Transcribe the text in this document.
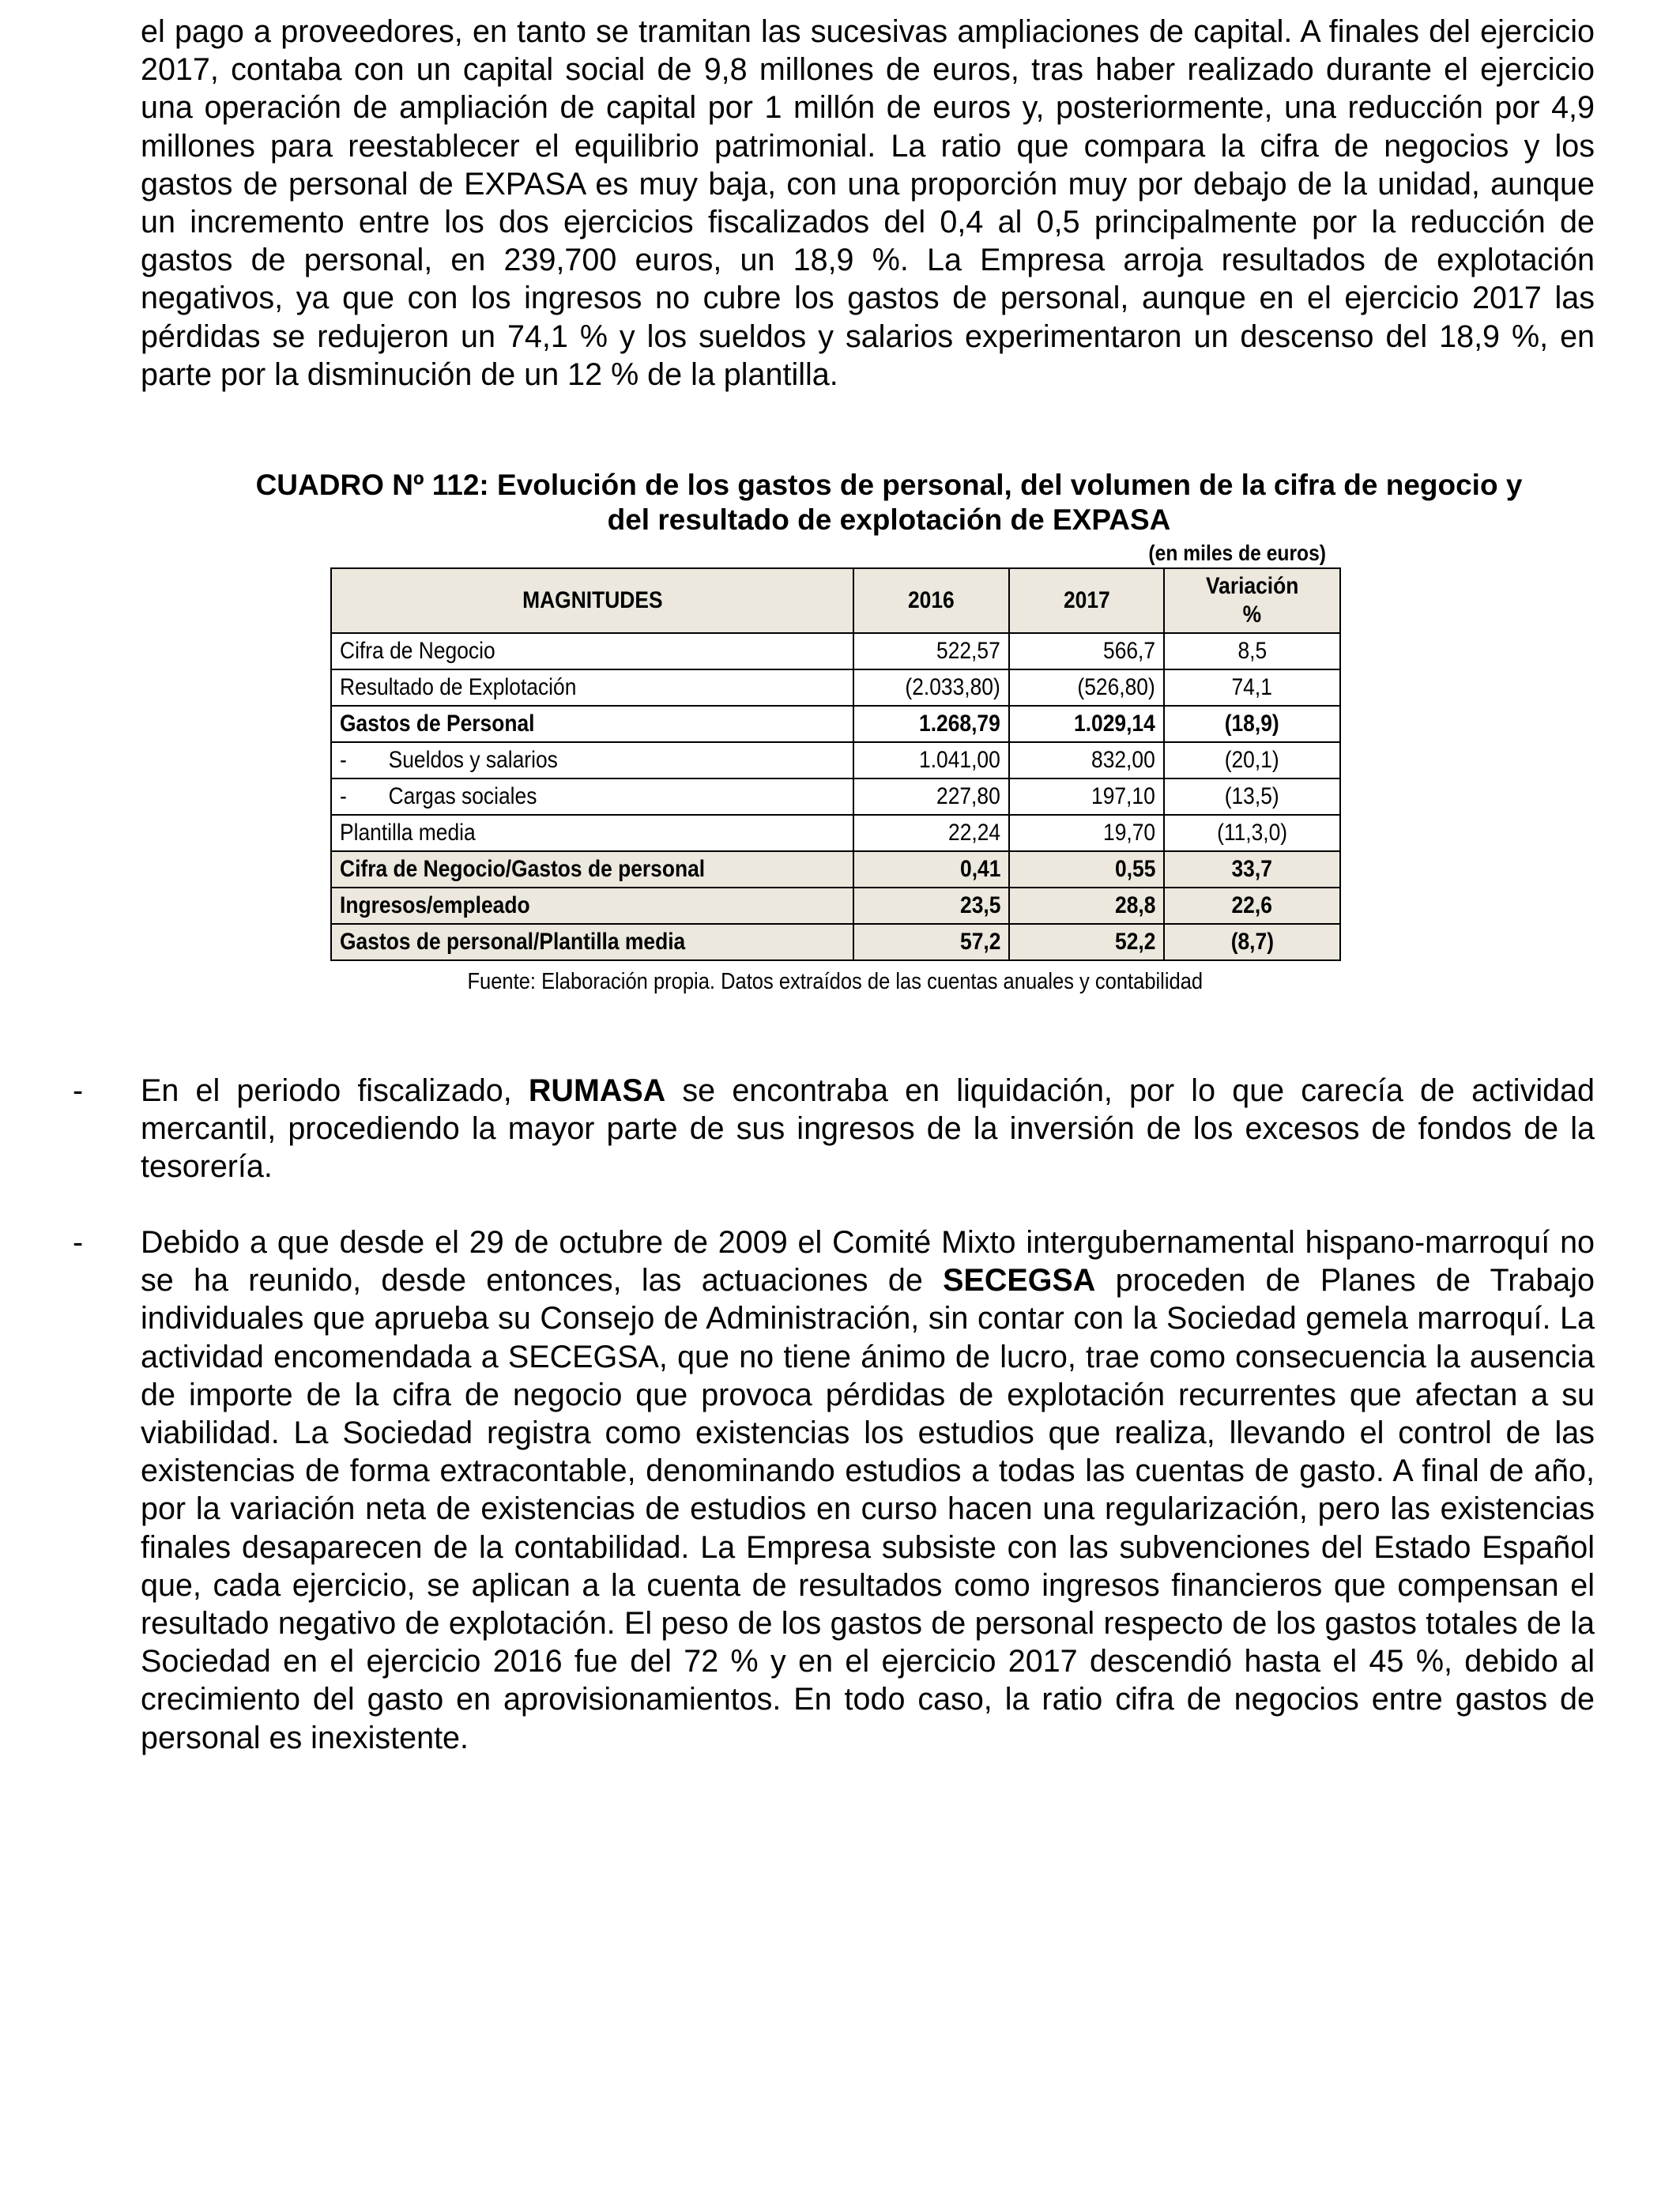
el pago a proveedores, en tanto se tramitan las sucesivas ampliaciones de capital. A finales del ejercicio 2017, contaba con un capital social de 9,8 millones de euros, tras haber realizado durante el ejercicio una operación de ampliación de capital por 1 millón de euros y, posteriormente, una reducción por 4,9 millones para reestablecer el equilibrio patrimonial. La ratio que compara la cifra de negocios y los gastos de personal de EXPASA es muy baja, con una proporción muy por debajo de la unidad, aunque un incremento entre los dos ejercicios fiscalizados del 0,4 al 0,5 principalmente por la reducción de gastos de personal, en 239,700 euros, un 18,9 %. La Empresa arroja resultados de explotación negativos, ya que con los ingresos no cubre los gastos de personal, aunque en el ejercicio 2017 las pérdidas se redujeron un 74,1 % y los sueldos y salarios experimentaron un descenso del 18,9 %, en parte por la disminución de un 12 % de la plantilla.

CUADRO Nº 112: Evolución de los gastos de personal, del volumen de la cifra de negocio y

del resultado de explotación de EXPASA

(en miles de euros)
MAGNITUDES	2016	2017	Variación
%
Cifra de Negocio	522,57	566,7	8,5
Resultado de Explotación	(2.033,80)	(526,80)	74,1
Gastos de Personal	1.268,79	1.029,14	(18,9)
- Sueldos y salarios	1.041,00	832,00	(20,1)
- Cargas sociales	227,80	197,10	(13,5)
Plantilla media	22,24	19,70	(11,3,0)
Cifra de Negocio/Gastos de personal	0,41	0,55	33,7
Ingresos/empleado	23,5	28,8	22,6
Gastos de personal/Plantilla media	57,2	52,2	(8,7)
Fuente: Elaboración propia. Datos extraídos de las cuentas anuales y contabilidad
- En el periodo fiscalizado, RUMASA se encontraba en liquidación, por lo que carecía de actividad mercantil, procediendo la mayor parte de sus ingresos de la inversión de los excesos de fondos de la tesorería.

- Debido a que desde el 29 de octubre de 2009 el Comité Mixto intergubernamental hispano-marroquí no se ha reunido, desde entonces, las actuaciones de SECEGSA proceden de Planes de Trabajo individuales que aprueba su Consejo de Administración, sin contar con la Sociedad gemela marroquí. La actividad encomendada a SECEGSA, que no tiene ánimo de lucro, trae como consecuencia la ausencia de importe de la cifra de negocio que provoca pérdidas de explotación recurrentes que afectan a su viabilidad. La Sociedad registra como existencias los estudios que realiza, llevando el control de las existencias de forma extracontable, denominando estudios a todas las cuentas de gasto. A final de año, por la variación neta de existencias de estudios en curso hacen una regularización, pero las existencias finales desaparecen de la contabilidad. La Empresa subsiste con las subvenciones del Estado Español que, cada ejercicio, se aplican a la cuenta de resultados como ingresos financieros que compensan el resultado negativo de explotación. El peso de los gastos de personal respecto de los gastos totales de la Sociedad en el ejercicio 2016 fue del 72 % y en el ejercicio 2017 descendió hasta el 45 %, debido al crecimiento del gasto en aprovisionamientos. En todo caso, la ratio cifra de negocios entre gastos de personal es inexistente.
